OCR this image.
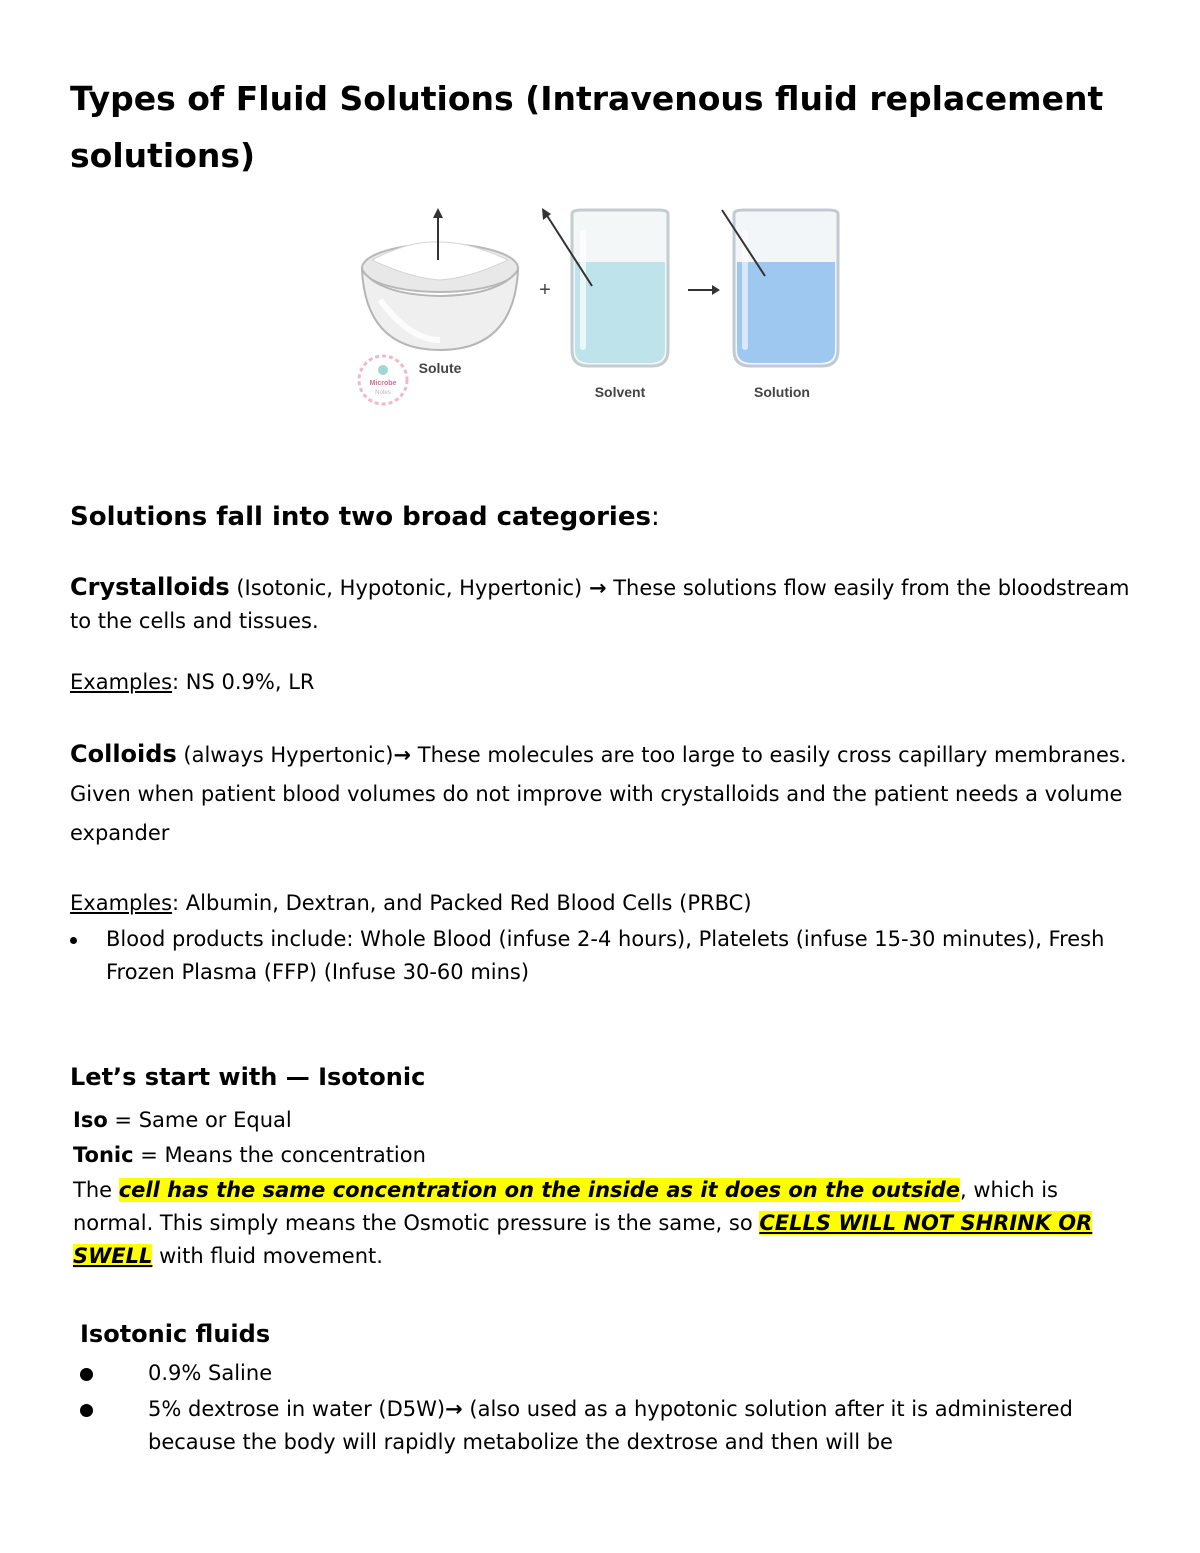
Types of Fluid Solutions (Intravenous fluid replacement solutions)
Microbe
Notes
Solute
+
Solvent	Solution
Solutions fall into two broad categories:
Crystalloids (Isotonic, Hypotonic, Hypertonic) → These solutions flow easily from the bloodstream to the cells and tissues.
Examples: NS 0.9%, LR
Colloids (always Hypertonic)→ These molecules are too large to easily cross capillary membranes. Given when patient blood volumes do not improve with crystalloids and the patient needs a volume expander
Examples: Albumin, Dextran, and Packed Red Blood Cells (PRBC)
Blood products include: Whole Blood (infuse 2-4 hours), Platelets (infuse 15-30 minutes), Fresh Frozen Plasma (FFP) (Infuse 30-60 mins)
Let’s start with — Isotonic
Iso = Same or Equal
Tonic = Means the concentration
The cell has the same concentration on the inside as it does on the outside, which is normal. This simply means the Osmotic pressure is the same, so CELLS WILL NOT SHRINK OR SWELL with fluid movement.
Isotonic fluids
0.9% Saline
5% dextrose in water (D5W)→ (also used as a hypotonic solution after it is administered because the body will rapidly metabolize the dextrose and then will be
